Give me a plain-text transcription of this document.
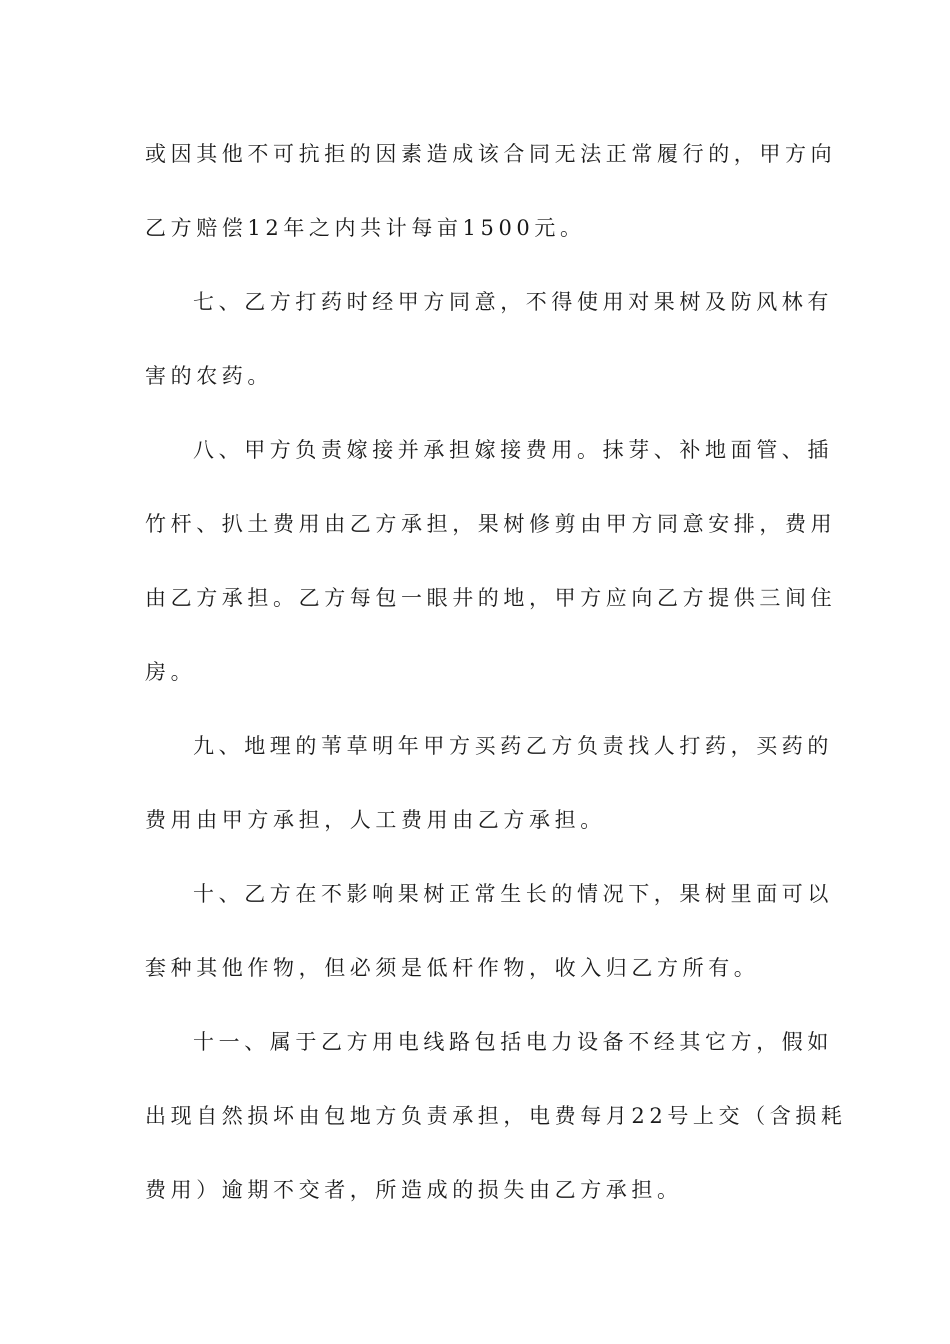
或因其他不可抗拒的因素造成该合同无法正常履行的，甲方向

乙方赔偿12年之内共计每亩1500元。

七、乙方打药时经甲方同意，不得使用对果树及防风林有

害的农药。

八、甲方负责嫁接并承担嫁接费用。抹芽、补地面管、插

竹杆、扒土费用由乙方承担，果树修剪由甲方同意安排，费用

由乙方承担。乙方每包一眼井的地，甲方应向乙方提供三间住

房。

九、地理的苇草明年甲方买药乙方负责找人打药，买药的

费用由甲方承担，人工费用由乙方承担。

十、乙方在不影响果树正常生长的情况下，果树里面可以

套种其他作物，但必须是低杆作物，收入归乙方所有。

十一、属于乙方用电线路包括电力设备不经其它方，假如

出现自然损坏由包地方负责承担，电费每月22号上交（含损耗

费用）逾期不交者，所造成的损失由乙方承担。
